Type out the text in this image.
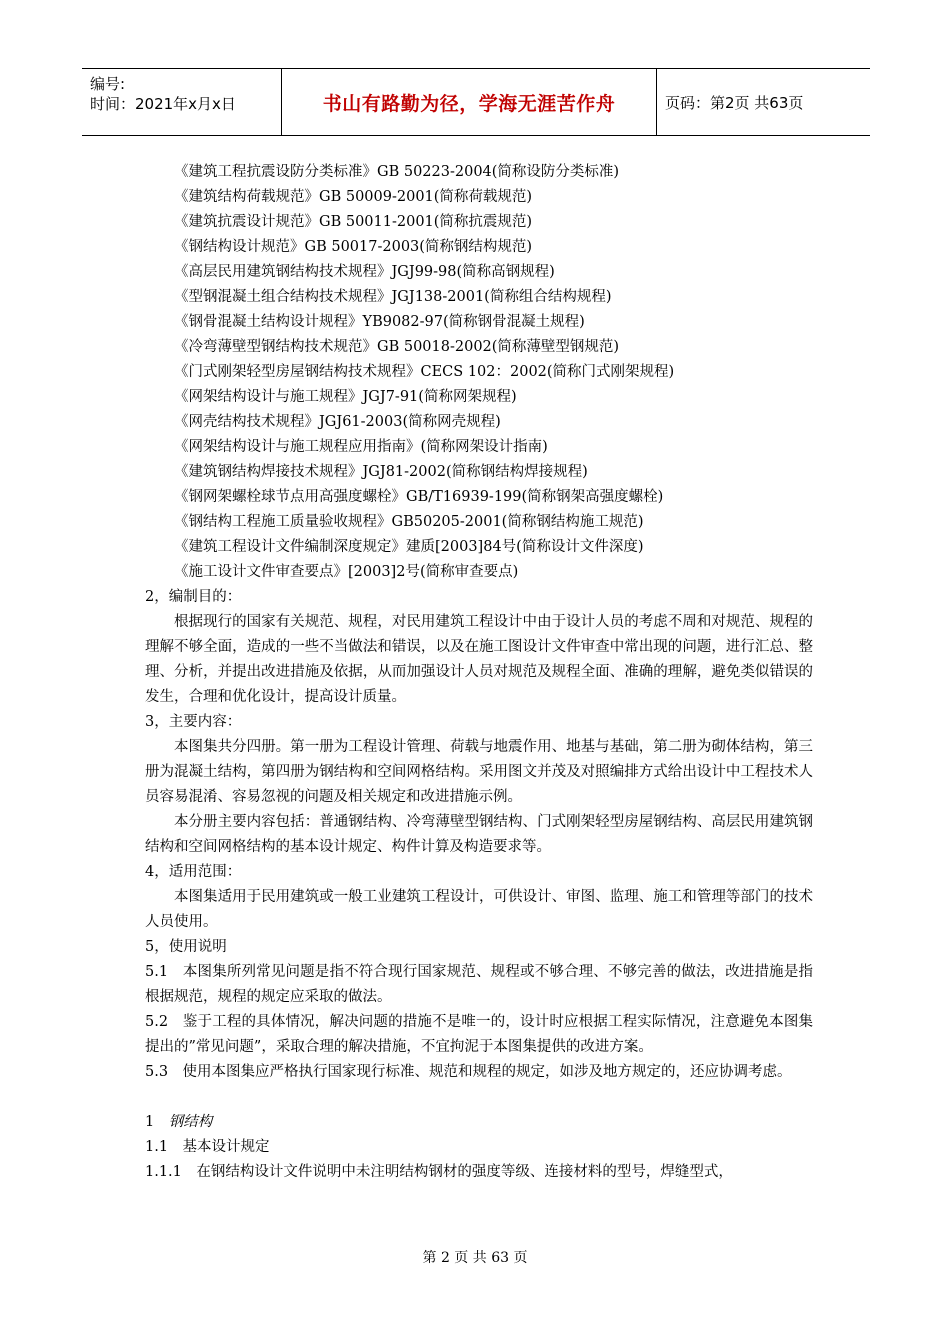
编号:
时间：2021年x月x日	书山有路勤为径，学海无涯苦作舟	页码：第2页 共63页
《建筑工程抗震设防分类标准》GB 50223-2004(简称设防分类标准)
《建筑结构荷载规范》GB 50009-2001(简称荷载规范)
《建筑抗震设计规范》GB 50011-2001(简称抗震规范)
《钢结构设计规范》GB 50017-2003(简称钢结构规范)
《高层民用建筑钢结构技术规程》JGJ99-98(简称高钢规程)
《型钢混凝土组合结构技术规程》JGJ138-2001(简称组合结构规程)
《钢骨混凝土结构设计规程》YB9082-97(简称钢骨混凝土规程)
《冷弯薄壁型钢结构技术规范》GB 50018-2002(简称薄壁型钢规范)
《门式刚架轻型房屋钢结构技术规程》CECS 102：2002(简称门式刚架规程)
《网架结构设计与施工规程》JGJ7-91(简称网架规程)
《网壳结构技术规程》JGJ61-2003(简称网壳规程)
《网架结构设计与施工规程应用指南》(简称网架设计指南)
《建筑钢结构焊接技术规程》JGJ81-2002(简称钢结构焊接规程)
《钢网架螺栓球节点用高强度螺栓》GB/T16939-199(简称钢架高强度螺栓)
《钢结构工程施工质量验收规程》GB50205-2001(简称钢结构施工规范)
《建筑工程设计文件编制深度规定》建质[2003]84号(简称设计文件深度)
《施工设计文件审查要点》[2003]2号(简称审查要点)
2，编制目的：
根据现行的国家有关规范、规程，对民用建筑工程设计中由于设计人员的考虑不周和对规范、规程的理解不够全面，造成的一些不当做法和错误，以及在施工图设计文件审查中常出现的问题，进行汇总、整理、分析，并提出改进措施及依据，从而加强设计人员对规范及规程全面、准确的理解，避免类似错误的发生，合理和优化设计，提高设计质量。
3，主要内容：
本图集共分四册。第一册为工程设计管理、荷载与地震作用、地基与基础，第二册为砌体结构，第三册为混凝土结构，第四册为钢结构和空间网格结构。采用图文并茂及对照编排方式给出设计中工程技术人员容易混淆、容易忽视的问题及相关规定和改进措施示例。
本分册主要内容包括：普通钢结构、冷弯薄壁型钢结构、门式刚架轻型房屋钢结构、高层民用建筑钢结构和空间网格结构的基本设计规定、构件计算及构造要求等。
4，适用范围：
本图集适用于民用建筑或一般工业建筑工程设计，可供设计、审图、监理、施工和管理等部门的技术人员使用。
5，使用说明
5.1　本图集所列常见问题是指不符合现行国家规范、规程或不够合理、不够完善的做法，改进措施是指根据规范，规程的规定应采取的做法。
5.2　鉴于工程的具体情况，解决问题的措施不是唯一的，设计时应根据工程实际情况，注意避免本图集提出的”常见问题”，采取合理的解决措施，不宜拘泥于本图集提供的改进方案。
5.3　使用本图集应严格执行国家现行标准、规范和规程的规定，如涉及地方规定的，还应协调考虑。
1　 钢结构
1.1　基本设计规定
1.1.1　在钢结构设计文件说明中未注明结构钢材的强度等级、连接材料的型号，焊缝型式，
第 2 页 共 63 页
